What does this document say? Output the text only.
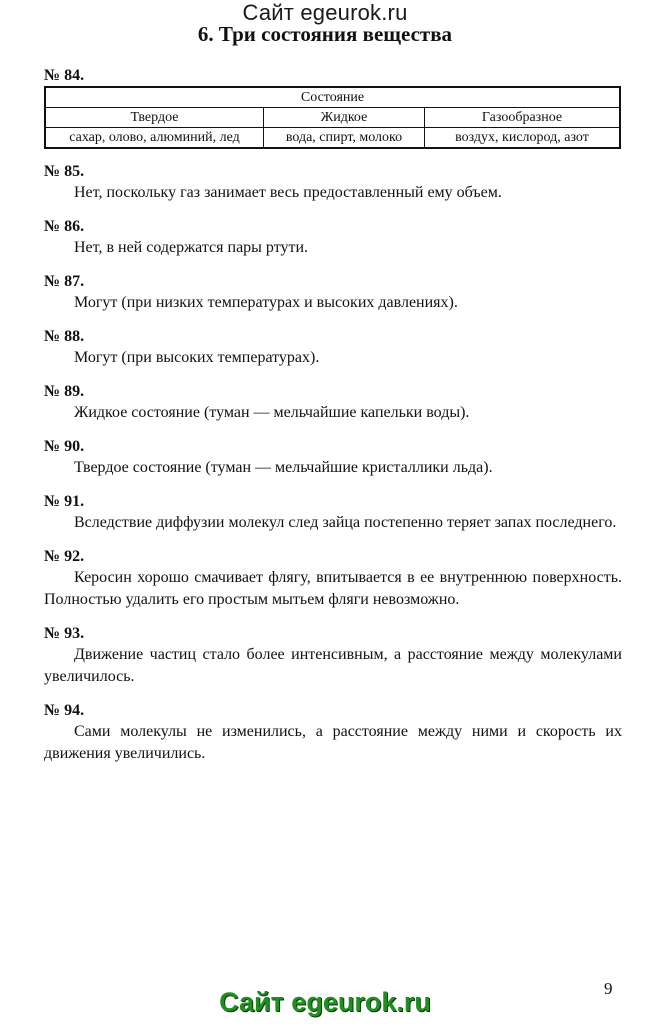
Сайт egeurok.ru
6. Три состояния вещества

№ 84.

Состояние		
Твердое	Жидкое	Газообразное
сахар, олово, алюминий, лед	вода, спирт, молоко	воздух, кислород, азот

№ 85.

Нет, поскольку газ занимает весь предоставленный ему объем.

№ 86.

Нет, в ней содержатся пары ртути.

№ 87.

Могут (при низких температурах и высоких давлениях).

№ 88.

Могут (при высоких температурах).

№ 89.

Жидкое состояние (туман — мельчайшие капельки воды).

№ 90.

Твердое состояние (туман — мельчайшие кристаллики льда).

№ 91.

Вследствие диффузии молекул след зайца постепенно теряет запах последнего.

№ 92.

Керосин хорошо смачивает флягу, впитывается в ее внутреннюю поверхность. Полностью удалить его простым мытьем фляги невозможно.

№ 93.

Движение частиц стало более интенсивным, а расстояние между молекулами увеличилось.

№ 94.

Сами молекулы не изменились, а расстояние между ними и скорость их движения увеличились.

9
Сайт egeurok.ru
